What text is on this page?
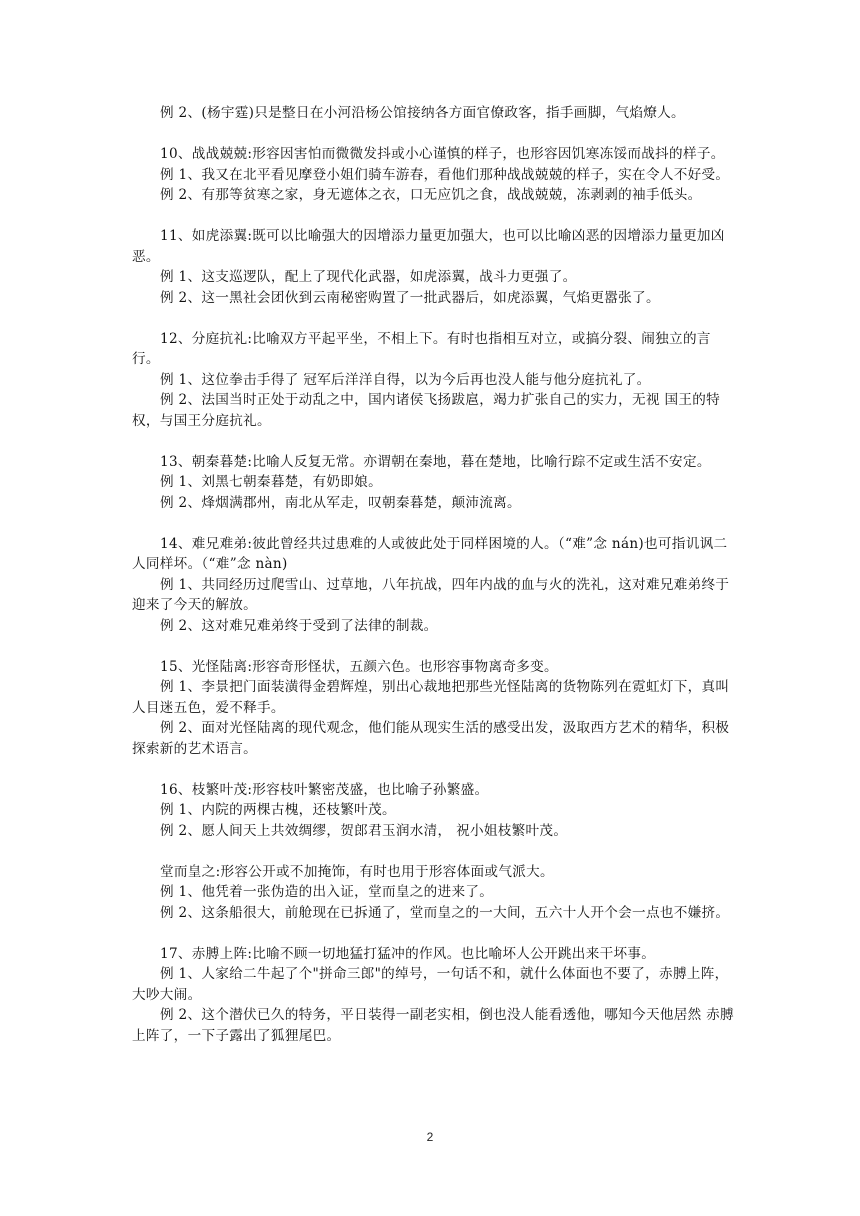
例 2、(杨宇霆)只是整日在小河沿杨公馆接纳各方面官僚政客，指手画脚，气焰燎人。

10、战战兢兢:形容因害怕而微微发抖或小心谨慎的样子，也形容因饥寒冻馁而战抖的样子。

例 1、我又在北平看见摩登小姐们骑车游春，看他们那种战战兢兢的样子，实在令人不好受。

例 2、有那等贫寒之家，身无遮体之衣，口无应饥之食，战战兢兢，冻剥剥的袖手低头。

11、如虎添翼:既可以比喻强大的因增添力量更加强大，也可以比喻凶恶的因增添力量更加凶恶。

例 1、这支巡逻队，配上了现代化武器，如虎添翼，战斗力更强了。

例 2、这一黑社会团伙到云南秘密购置了一批武器后，如虎添翼，气焰更嚣张了。

12、分庭抗礼:比喻双方平起平坐，不相上下。有时也指相互对立，或搞分裂、闹独立的言行。

例 1、这位拳击手得了 冠军后洋洋自得，以为今后再也没人能与他分庭抗礼了。

例 2、法国当时正处于动乱之中，国内诸侯飞扬跋扈，竭力扩张自己的实力，无视 国王的特权，与国王分庭抗礼。

13、朝秦暮楚:比喻人反复无常。亦谓朝在秦地，暮在楚地，比喻行踪不定或生活不安定。

例 1、刘黑七朝秦暮楚，有奶即娘。

例 2、烽烟满郡州，南北从军走，叹朝秦暮楚，颠沛流离。

14、难兄难弟:彼此曾经共过患难的人或彼此处于同样困境的人。（“难”念 nán)也可指讥讽二人同样坏。（“难”念 nàn)

例 1、共同经历过爬雪山、过草地，八年抗战，四年内战的血与火的洗礼，这对难兄难弟终于迎来了今天的解放。

例 2、这对难兄难弟终于受到了法律的制裁。

15、光怪陆离:形容奇形怪状，五颜六色。也形容事物离奇多变。

例 1、李景把门面装潢得金碧辉煌，别出心裁地把那些光怪陆离的货物陈列在霓虹灯下，真叫人目迷五色，爱不释手。

例 2、面对光怪陆离的现代观念，他们能从现实生活的感受出发，汲取西方艺术的精华，积极探索新的艺术语言。

16、枝繁叶茂:形容枝叶繁密茂盛，也比喻子孙繁盛。

例 1、内院的两棵古槐，还枝繁叶茂。

例 2、愿人间天上共效绸缪，贺郎君玉润水清， 祝小姐枝繁叶茂。

堂而皇之:形容公开或不加掩饰，有时也用于形容体面或气派大。

例 1、他凭着一张伪造的出入证，堂而皇之的进来了。

例 2、这条船很大，前舱现在已拆通了，堂而皇之的一大间，五六十人开个会一点也不嫌挤。

17、赤膊上阵:比喻不顾一切地猛打猛冲的作风。也比喻坏人公开跳出来干坏事。

例 1、人家给二牛起了个"拼命三郎"的绰号，一句话不和，就什么体面也不要了，赤膊上阵，大吵大闹。

例 2、这个潜伏已久的特务，平日装得一副老实相，倒也没人能看透他，哪知今天他居然 赤膊上阵了，一下子露出了狐狸尾巴。

2
